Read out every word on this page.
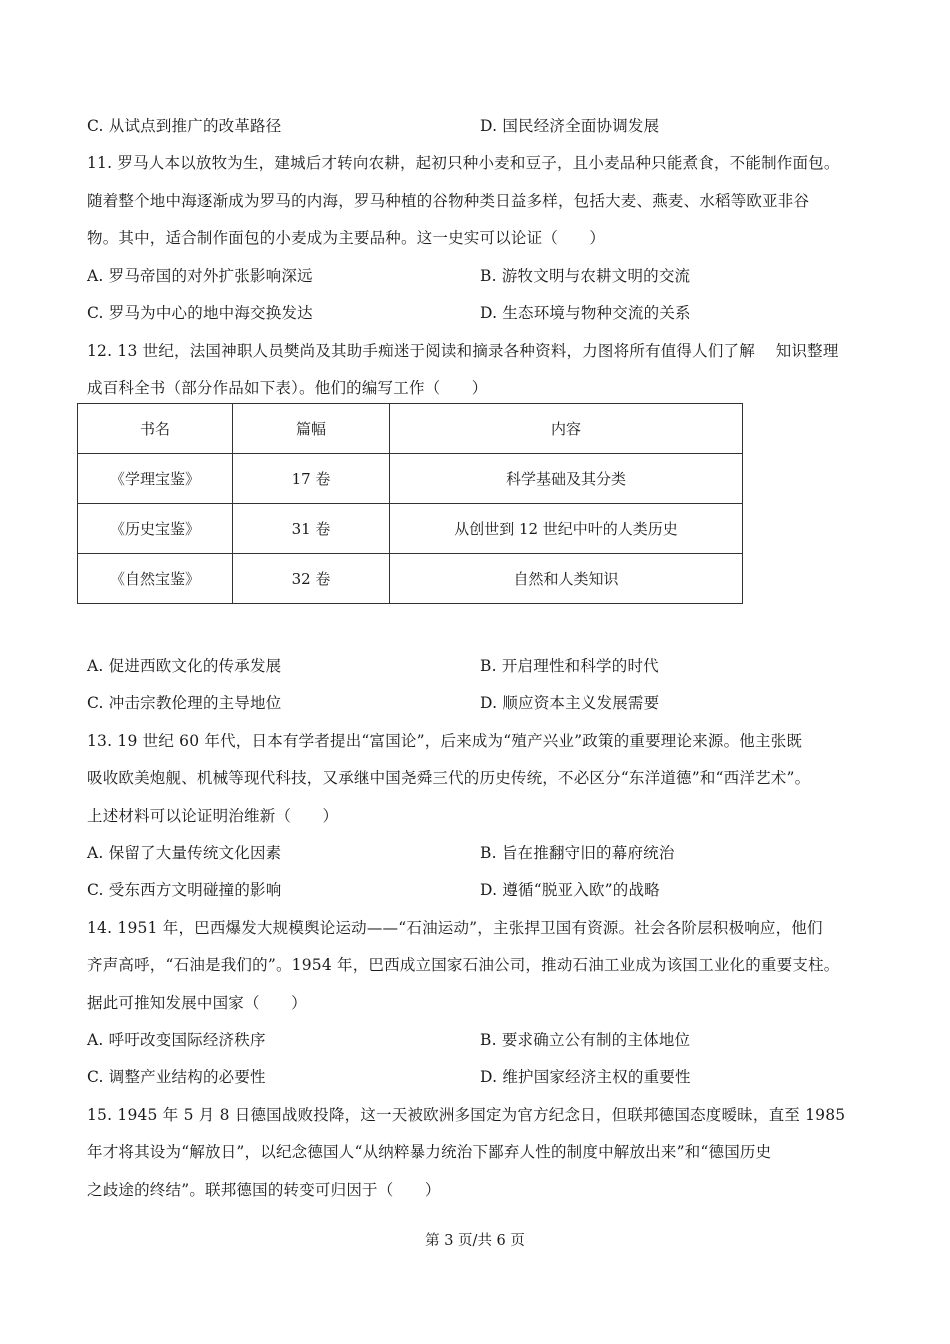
C. 从试点到推广的改革路径	D. 国民经济全面协调发展
11. 罗马人本以放牧为生，建城后才转向农耕，起初只种小麦和豆子，且小麦品种只能煮食，不能制作面包。
随着整个地中海逐渐成为罗马的内海，罗马种植的谷物种类日益多样，包括大麦、燕麦、水稻等欧亚非谷
物。其中，适合制作面包的小麦成为主要品种。这一史实可以论证（　　）
A. 罗马帝国的对外扩张影响深远	B. 游牧文明与农耕文明的交流
C. 罗马为中心的地中海交换发达	D. 生态环境与物种交流的关系
12. 13 世纪，法国神职人员樊尚及其助手痴迷于阅读和摘录各种资料，力图将所有值得人们了解　 知识整理
成百科全书（部分作品如下表）。他们的编写工作（　　）
书名	篇幅	内容
《学理宝鉴》	17 卷	科学基础及其分类
《历史宝鉴》	31 卷	从创世到 12 世纪中叶的人类历史
《自然宝鉴》	32 卷	自然和人类知识
A. 促进西欧文化的传承发展	B. 开启理性和科学的时代
C. 冲击宗教伦理的主导地位	D. 顺应资本主义发展需要
13. 19 世纪 60 年代，日本有学者提出“富国论”，后来成为“殖产兴业”政策的重要理论来源。他主张既
吸收欧美炮舰、机械等现代科技，又承继中国尧舜三代的历史传统，不必区分“东洋道德”和“西洋艺术”。
上述材料可以论证明治维新（　　）
A. 保留了大量传统文化因素	B. 旨在推翻守旧的幕府统治
C. 受东西方文明碰撞的影响	D. 遵循“脱亚入欧”的战略
14. 1951 年，巴西爆发大规模舆论运动——“石油运动”，主张捍卫国有资源。社会各阶层积极响应，他们
齐声高呼，“石油是我们的”。1954 年，巴西成立国家石油公司，推动石油工业成为该国工业化的重要支柱。
据此可推知发展中国家（　　）
A. 呼吁改变国际经济秩序	B. 要求确立公有制的主体地位
C. 调整产业结构的必要性	D. 维护国家经济主权的重要性
15. 1945 年 5 月 8 日德国战败投降，这一天被欧洲多国定为官方纪念日，但联邦德国态度暧昧，直至 1985
年才将其设为“解放日”，以纪念德国人“从纳粹暴力统治下鄙弃人性的制度中解放出来”和“德国历史
之歧途的终结”。联邦德国的转变可归因于（　　）
第 3 页/共 6 页
